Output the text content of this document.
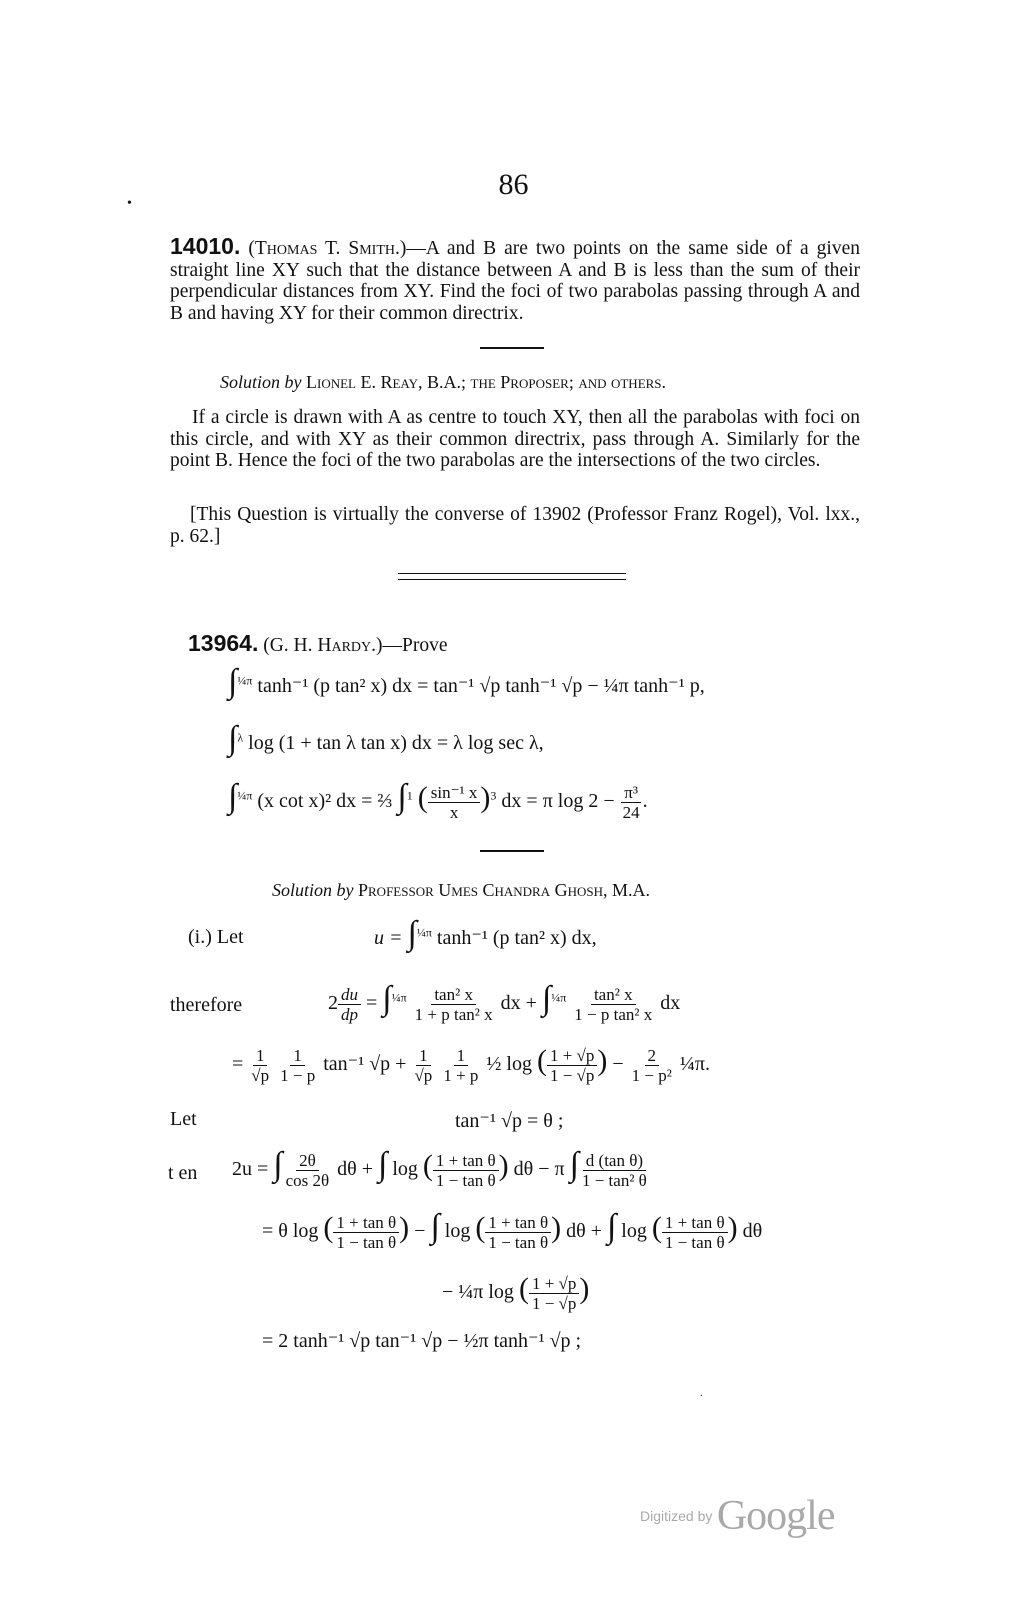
86
•
14010. (Thomas T. Smith.)—A and B are two points on the same side of a given straight line XY such that the distance between A and B is less than the sum of their perpendicular distances from XY. Find the foci of two parabolas passing through A and B and having XY for their common directrix.
Solution by Lionel E. Reay, B.A.; the Proposer; and others.
If a circle is drawn with A as centre to touch XY, then all the parabolas with foci on this circle, and with XY as their common directrix, pass through A. Similarly for the point B. Hence the foci of the two parabolas are the intersections of the two circles.
[This Question is virtually the converse of 13902 (Professor Franz Rogel), Vol. lxx., p. 62.]
13964. (G. H. Hardy.)—Prove
∫$^{\frac{1}{4}\pi}$ tanh⁻¹ (p tan² x) dx = tan⁻¹ √p tanh⁻¹ √p − ¼π tanh⁻¹ p,
∫$^\lambda$ log (1 + tan λ tan x) dx = λ log sec λ,
∫$^{\frac{1}{4}\pi}$ (x cot x)² dx = ⅔ ∫$^1$ ( $\frac{\text{sin⁻¹ x}}{x} )^3$ dx = π $\log 2 - \frac{\text{π³}}{24}$ .
Solution by Professor Umes Chandra Ghosh, M.A.
(i.) Let	u = ∫$^{\frac{1}{4}\pi}$ tanh⁻¹ (p tan² x) dx,
therefore	$2 \frac{du}{dp} = \int^{\frac{1}{4}\pi} \frac{\text{tan² x}}{\text{1 + p tan² x}}$ dx + $\int^{\frac{1}{4}\pi} \frac{\text{tan² x}}{\text{1 − p tan² x}}$ dx
= $\frac{1}{√p}$
$\frac{1}{1 - p} \tan^{-1}$ $√p + \frac{1}{√p}$
$\frac{1}{1 + p}$ ½ log ( $\frac{1 + √p}{1 - √p}$ ) − $\frac{2}{\text{1 − p²}}$ ¼π.
Let	tan⁻¹ √p = θ ;
t en 2u = ∫ $\frac{2\theta}{\cos 2\theta}$ dθ + ∫ log ( $\frac{\text{1 + tan θ}}{\text{1 − tan θ}}$ ) dθ − π ∫ $\frac{\text{d (tan θ)}}{\text{1 − tan² θ}}$
= θ log ( $\frac{\text{1 + tan θ}}{\text{1 − tan θ}}$ ) − ∫ log ( $\frac{\text{1 + tan θ}}{\text{1 − tan θ}}$ ) dθ + ∫ log ( $\frac{\text{1 + tan θ}}{\text{1 − tan θ}}$ ) dθ
− ¼π log ( $\frac{1 + √p}{1 - √p}$ )
= 2 tanh⁻¹ √p tan⁻¹ √p − ½π tanh⁻¹ √p ;
.
Digitized by Google
